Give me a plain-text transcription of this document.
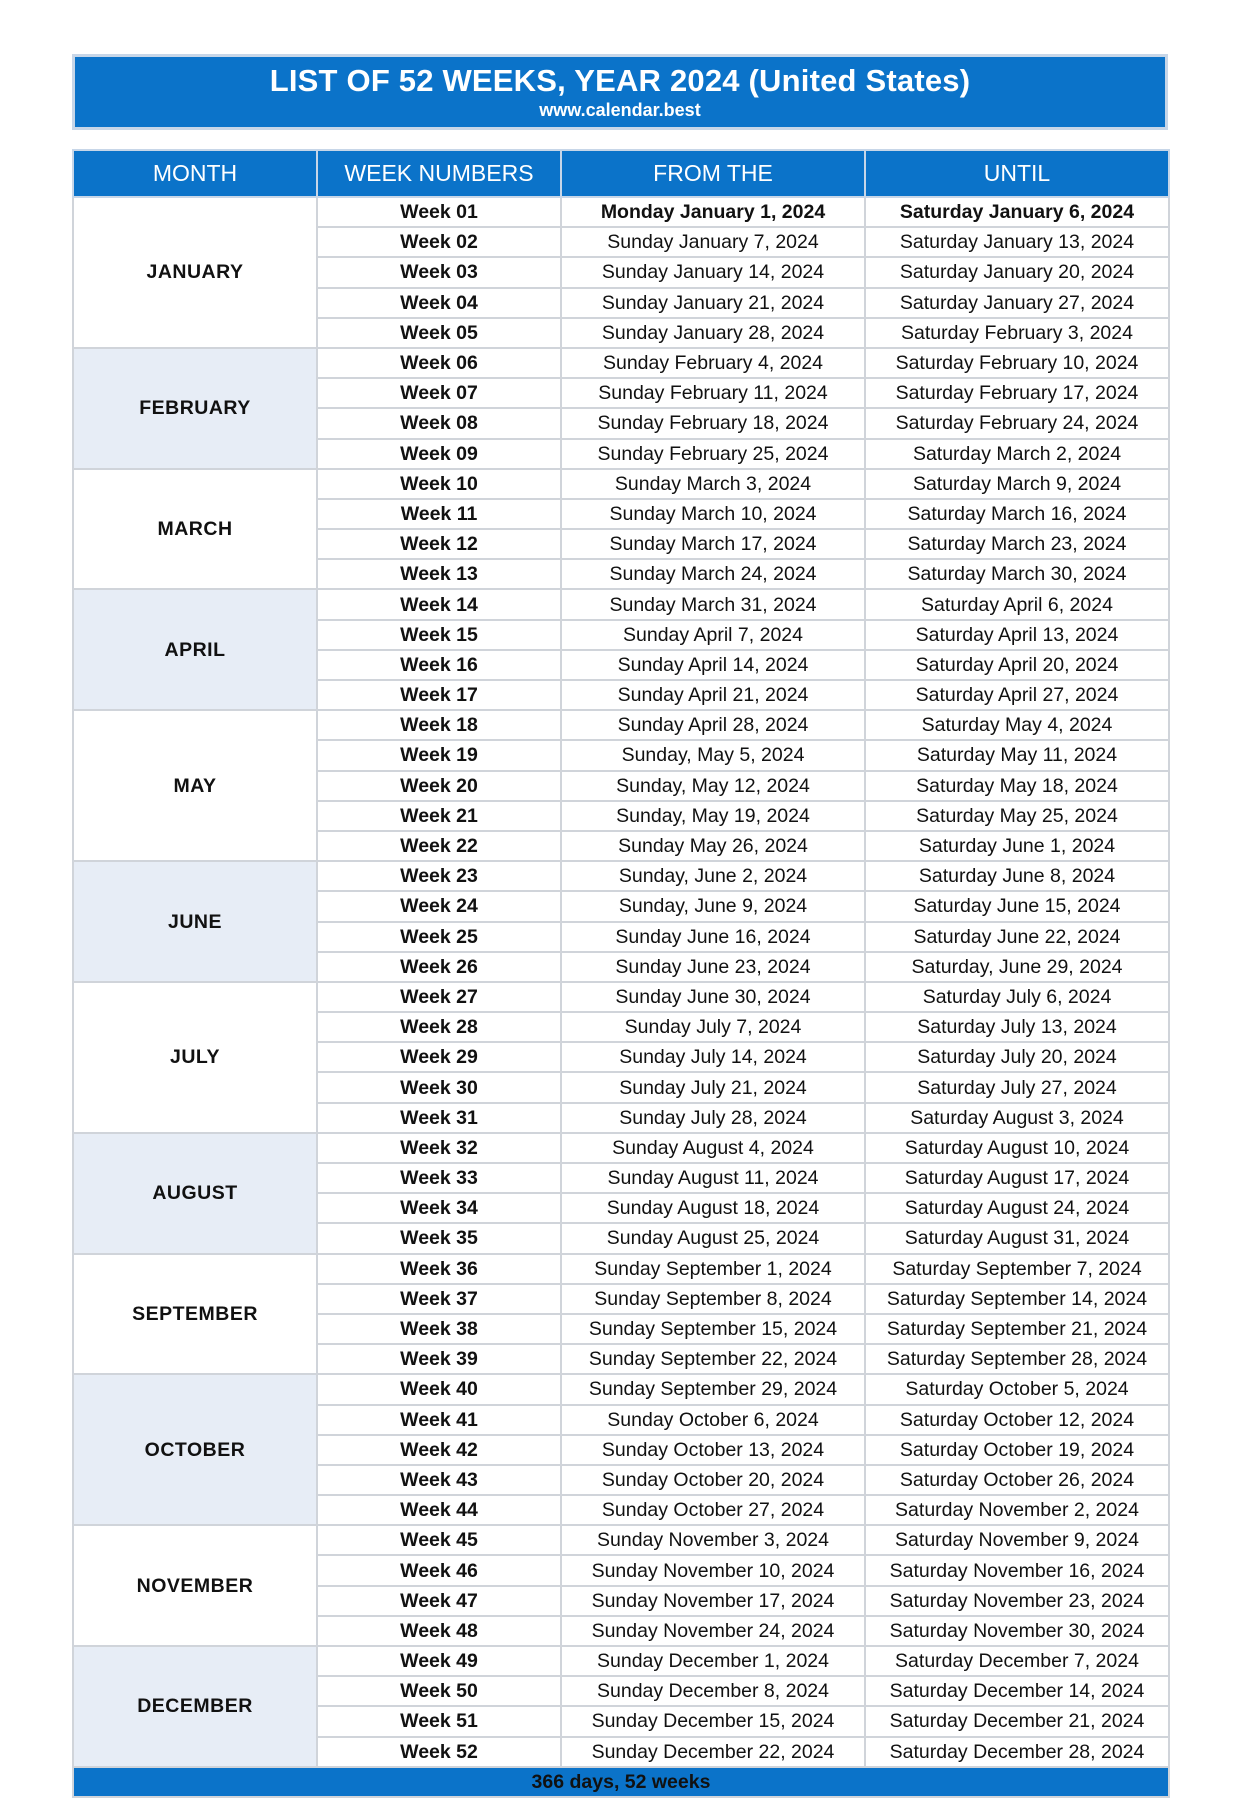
LIST OF 52 WEEKS, YEAR 2024 (United States)
www.calendar.best
MONTH	WEEK NUMBERS	FROM THE	UNTIL
JANUARY	Week 01	Monday January 1, 2024	Saturday January 6, 2024
	Week 02	Sunday January 7, 2024	Saturday January 13, 2024
	Week 03	Sunday January 14, 2024	Saturday January 20, 2024
	Week 04	Sunday January 21, 2024	Saturday January 27, 2024
	Week 05	Sunday January 28, 2024	Saturday February 3, 2024
FEBRUARY	Week 06	Sunday February 4, 2024	Saturday February 10, 2024
	Week 07	Sunday February 11, 2024	Saturday February 17, 2024
	Week 08	Sunday February 18, 2024	Saturday February 24, 2024
	Week 09	Sunday February 25, 2024	Saturday March 2, 2024
MARCH	Week 10	Sunday March 3, 2024	Saturday March 9, 2024
	Week 11	Sunday March 10, 2024	Saturday March 16, 2024
	Week 12	Sunday March 17, 2024	Saturday March 23, 2024
	Week 13	Sunday March 24, 2024	Saturday March 30, 2024
APRIL	Week 14	Sunday March 31, 2024	Saturday April 6, 2024
	Week 15	Sunday April 7, 2024	Saturday April 13, 2024
	Week 16	Sunday April 14, 2024	Saturday April 20, 2024
	Week 17	Sunday April 21, 2024	Saturday April 27, 2024
MAY	Week 18	Sunday April 28, 2024	Saturday May 4, 2024
	Week 19	Sunday, May 5, 2024	Saturday May 11, 2024
	Week 20	Sunday, May 12, 2024	Saturday May 18, 2024
	Week 21	Sunday, May 19, 2024	Saturday May 25, 2024
	Week 22	Sunday May 26, 2024	Saturday June 1, 2024
JUNE	Week 23	Sunday, June 2, 2024	Saturday June 8, 2024
	Week 24	Sunday, June 9, 2024	Saturday June 15, 2024
	Week 25	Sunday June 16, 2024	Saturday June 22, 2024
	Week 26	Sunday June 23, 2024	Saturday, June 29, 2024
JULY	Week 27	Sunday June 30, 2024	Saturday July 6, 2024
	Week 28	Sunday July 7, 2024	Saturday July 13, 2024
	Week 29	Sunday July 14, 2024	Saturday July 20, 2024
	Week 30	Sunday July 21, 2024	Saturday July 27, 2024
	Week 31	Sunday July 28, 2024	Saturday August 3, 2024
AUGUST	Week 32	Sunday August 4, 2024	Saturday August 10, 2024
	Week 33	Sunday August 11, 2024	Saturday August 17, 2024
	Week 34	Sunday August 18, 2024	Saturday August 24, 2024
	Week 35	Sunday August 25, 2024	Saturday August 31, 2024
SEPTEMBER	Week 36	Sunday September 1, 2024	Saturday September 7, 2024
	Week 37	Sunday September 8, 2024	Saturday September 14, 2024
	Week 38	Sunday September 15, 2024	Saturday September 21, 2024
	Week 39	Sunday September 22, 2024	Saturday September 28, 2024
OCTOBER	Week 40	Sunday September 29, 2024	Saturday October 5, 2024
	Week 41	Sunday October 6, 2024	Saturday October 12, 2024
	Week 42	Sunday October 13, 2024	Saturday October 19, 2024
	Week 43	Sunday October 20, 2024	Saturday October 26, 2024
	Week 44	Sunday October 27, 2024	Saturday November 2, 2024
NOVEMBER	Week 45	Sunday November 3, 2024	Saturday November 9, 2024
	Week 46	Sunday November 10, 2024	Saturday November 16, 2024
	Week 47	Sunday November 17, 2024	Saturday November 23, 2024
	Week 48	Sunday November 24, 2024	Saturday November 30, 2024
DECEMBER	Week 49	Sunday December 1, 2024	Saturday December 7, 2024
	Week 50	Sunday December 8, 2024	Saturday December 14, 2024
	Week 51	Sunday December 15, 2024	Saturday December 21, 2024
	Week 52	Sunday December 22, 2024	Saturday December 28, 2024
366 days, 52 weeks			
